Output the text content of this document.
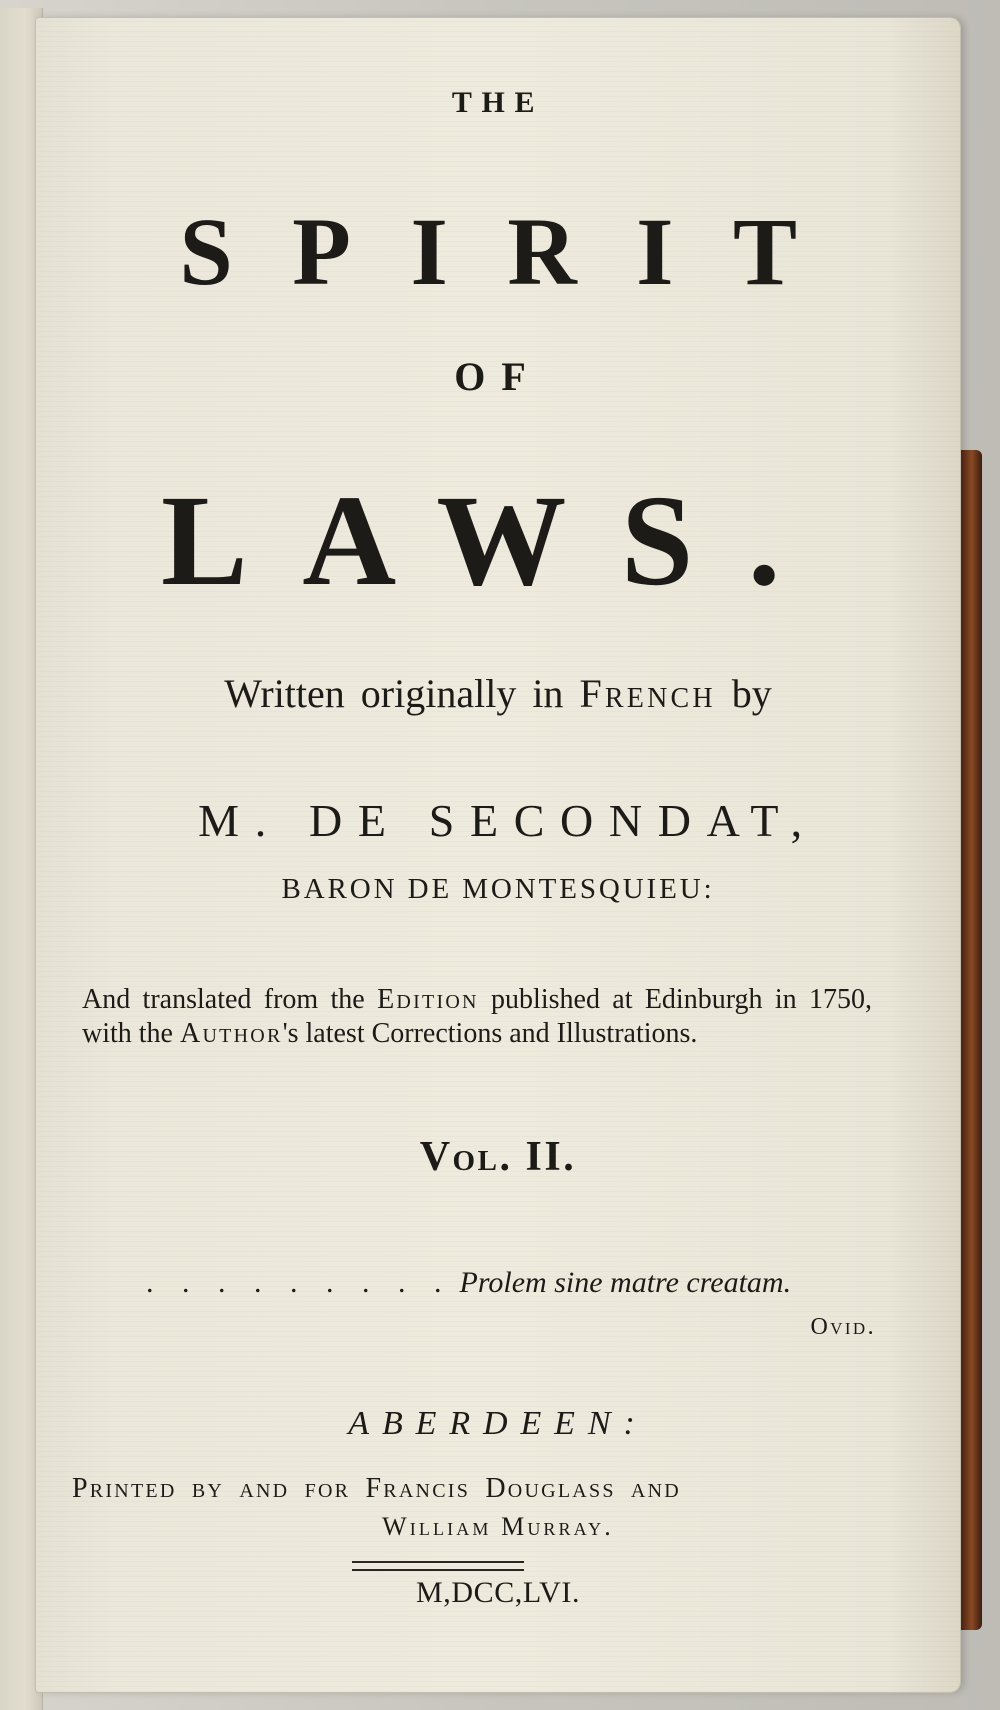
THE
SPIRIT
OF
LAWS.
Written originally in French by
M. DE SECONDAT,
BARON DE MONTESQUIEU:
And translated from the Edition published at Edinburgh in 1750, with the Author's latest Corrections and Illustrations.
Vol. II.
. . . . . . . . . Prolem sine matre creatam.
Ovid.
ABERDEEN:
Printed by and for Francis Douglass and
William Murray.
M,DCC,LVI.
